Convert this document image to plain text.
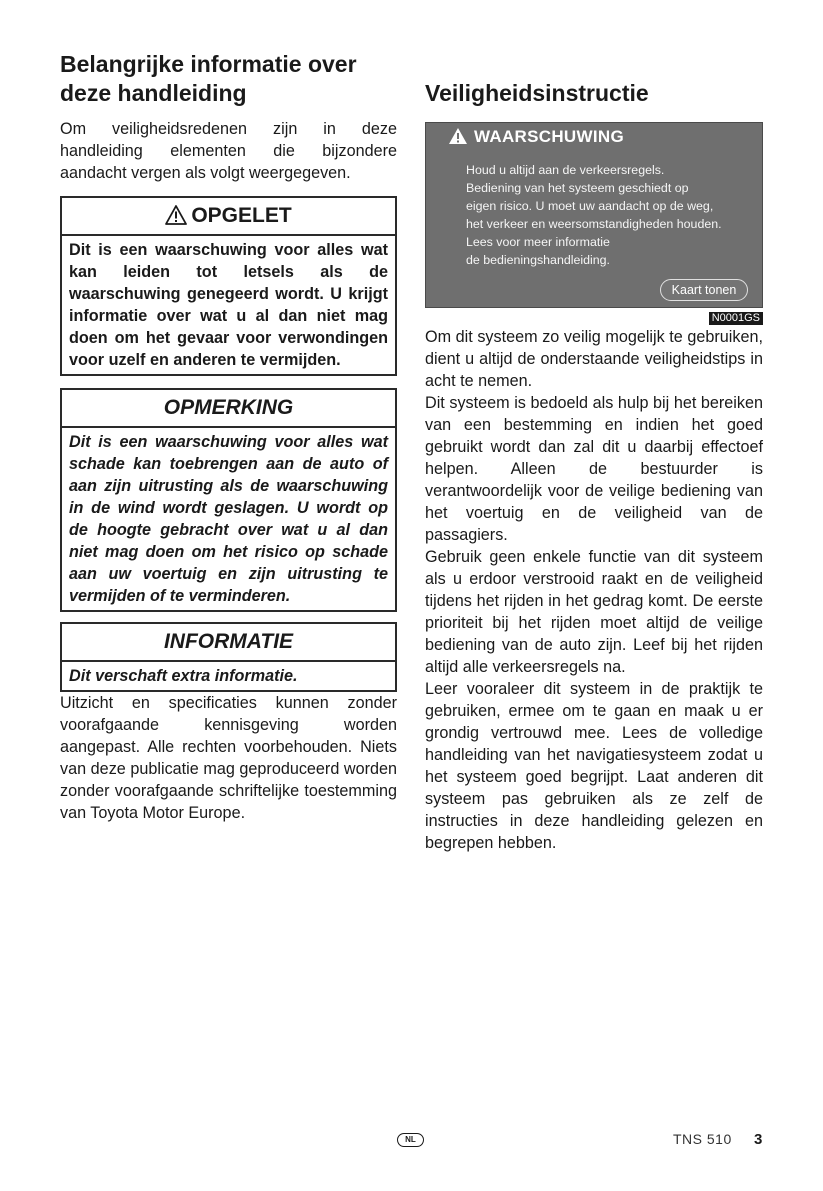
Belangrijke informatie over
deze handleiding

Om veiligheidsredenen zijn in deze handleiding elementen die bijzondere aandacht vergen als volgt weergegeven.

OPGELET
Dit is een waarschuwing voor alles wat kan leiden tot letsels als de waarschuwing genegeerd wordt. U krijgt informatie over wat u al dan niet mag doen om het gevaar voor verwondingen voor uzelf en anderen te vermijden.
OPMERKING
Dit is een waarschuwing voor alles wat schade kan toebrengen aan de auto of aan zijn uitrusting als de waarschuwing in de wind wordt geslagen. U wordt op de hoogte gebracht over wat u al dan niet mag doen om het risico op schade aan uw voertuig en zijn uitrusting te vermijden of te verminderen.
INFORMATIE
Dit verschaft extra informatie.

Uitzicht en specificaties kunnen zonder voorafgaande kennisgeving worden aangepast. Alle rechten voorbehouden. Niets van deze publicatie mag geproduceerd worden zonder voorafgaande schriftelijke toestemming van Toyota Motor Europe.

Veiligheidsinstructie
WAARSCHUWING
Houd u altijd aan de verkeersregels.
Bediening van het systeem geschiedt op
eigen risico. U moet uw aandacht op de weg,
het verkeer en weersomstandigheden houden.
Lees voor meer informatie
de bedieningshandleiding.
Kaart tonen
N0001GS

Om dit systeem zo veilig mogelijk te gebruiken, dient u altijd de onderstaande veiligheidstips in acht te nemen.

Dit systeem is bedoeld als hulp bij het bereiken van een bestemming en indien het goed gebruikt wordt dan zal dit u daarbij effectoef helpen. Alleen de bestuurder is verantwoordelijk voor de veilige bediening van het voertuig en de veiligheid van de passagiers.

Gebruik geen enkele functie van dit systeem als u erdoor verstrooid raakt en de veiligheid tijdens het rijden in het gedrag komt. De eerste prioriteit bij het rijden moet altijd de veilige bediening van de auto zijn. Leef bij het rijden altijd alle verkeersregels na.

Leer vooraleer dit systeem in de praktijk te gebruiken, ermee om te gaan en maak u er grondig vertrouwd mee. Lees de volledige handleiding van het navigatiesysteem zodat u het systeem goed begrijpt. Laat anderen dit systeem pas gebruiken als ze zelf de instructies in deze handleiding gelezen en begrepen hebben.

NL	TNS 510 3
